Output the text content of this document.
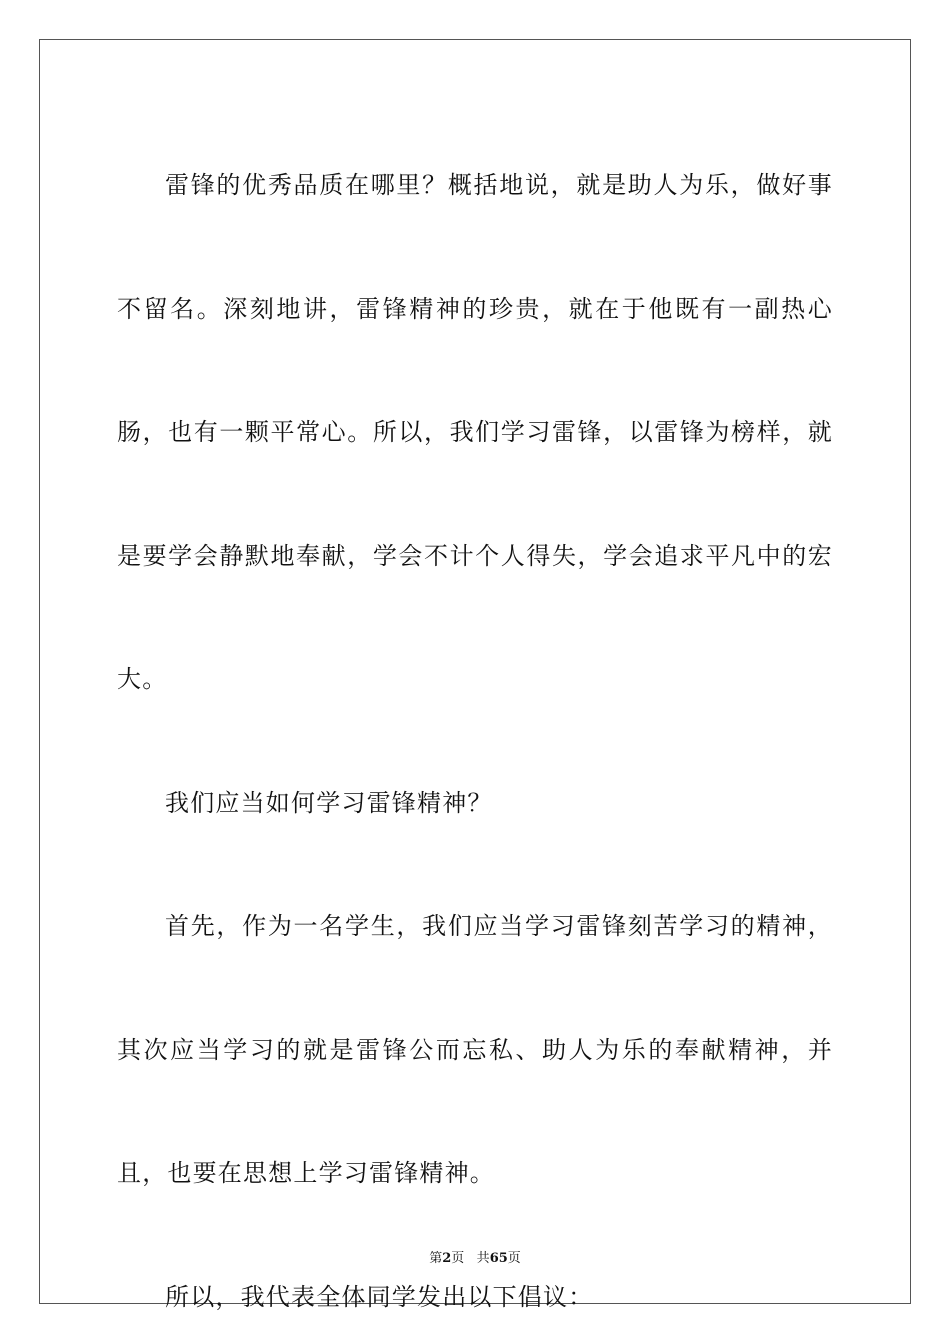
雷锋的优秀品质在哪里？概括地说，就是助人为乐，做好事不留名。深刻地讲，雷锋精神的珍贵，就在于他既有一副热心肠，也有一颗平常心。所以，我们学习雷锋，以雷锋为榜样，就是要学会静默地奉献，学会不计个人得失，学会追求平凡中的宏大。

我们应当如何学习雷锋精神？

首先，作为一名学生，我们应当学习雷锋刻苦学习的精神，其次应当学习的就是雷锋公而忘私、助人为乐的奉献精神，并且，也要在思想上学习雷锋精神。

所以，我代表全体同学发出以下倡议：

第2页 共65页
